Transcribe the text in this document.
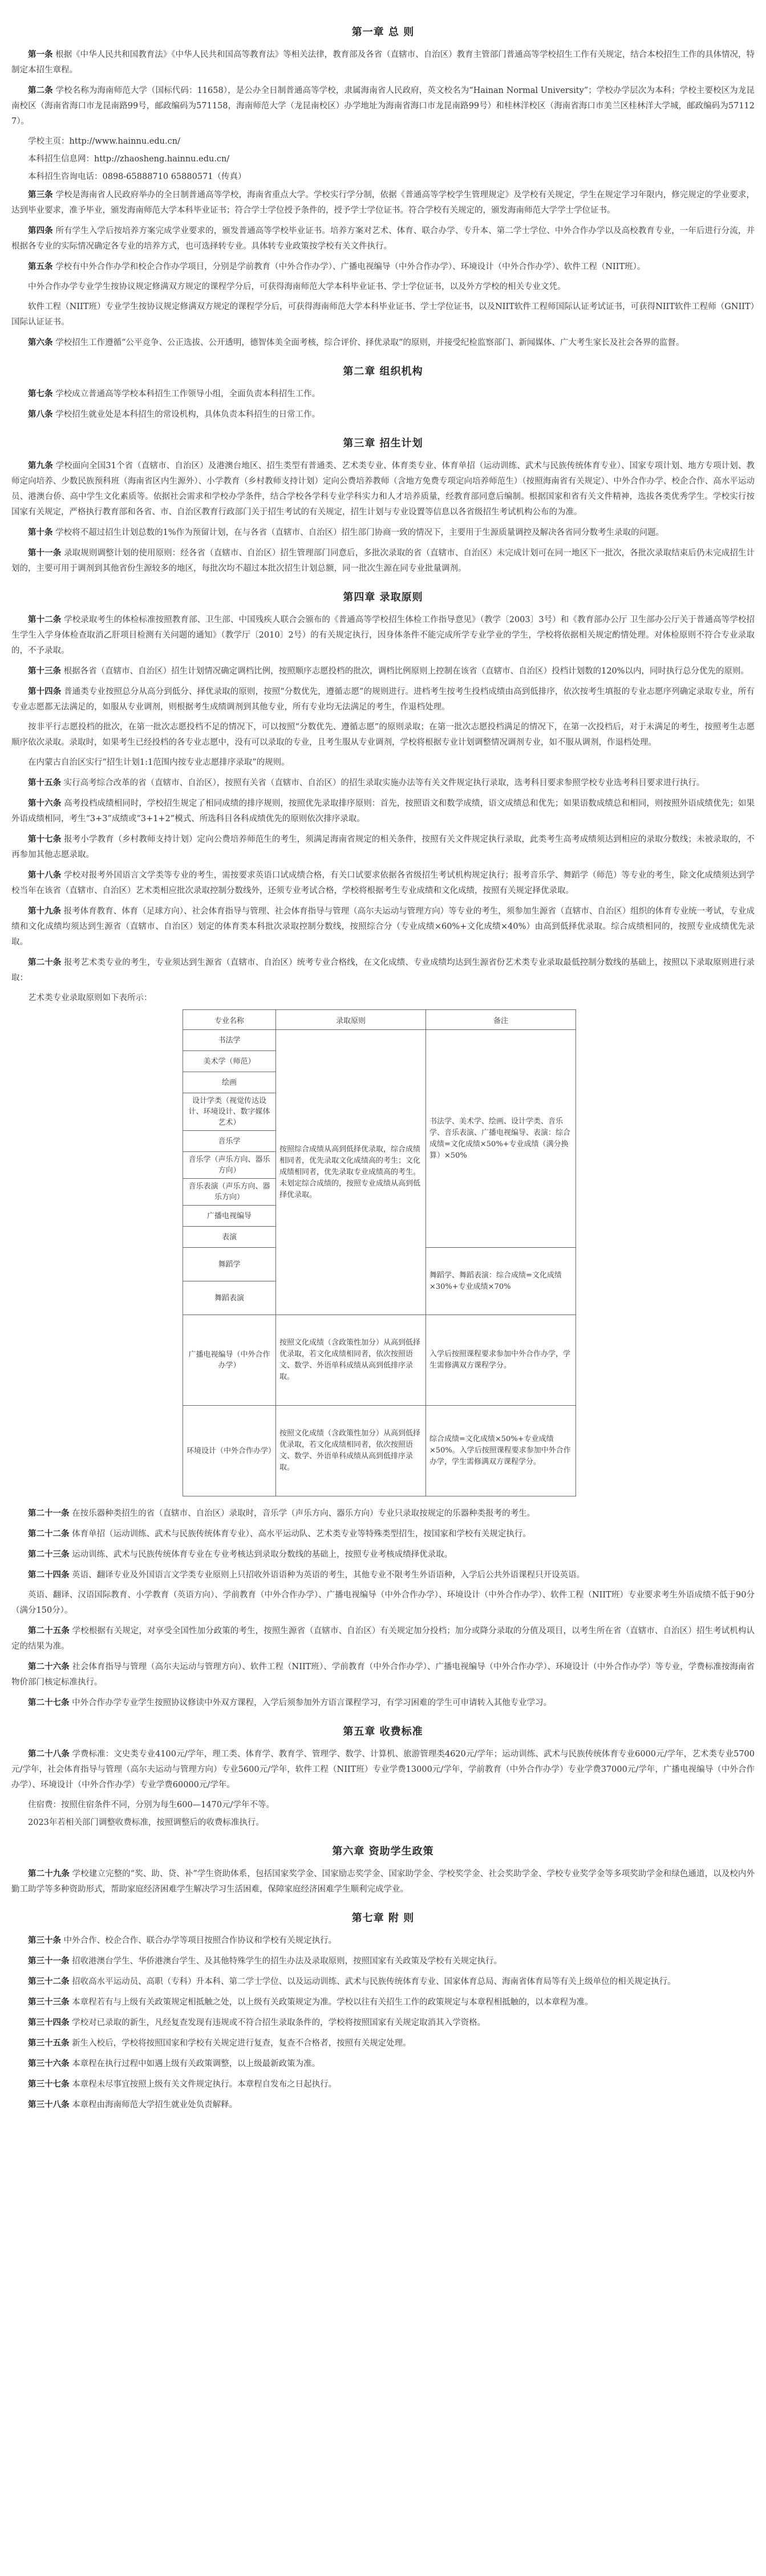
第一章 总 则

第一条 根据《中华人民共和国教育法》《中华人民共和国高等教育法》等相关法律，教育部及各省（直辖市、自治区）教育主管部门普通高等学校招生工作有关规定，结合本校招生工作的具体情况，特制定本招生章程。

第二条 学校名称为海南师范大学（国标代码：11658），是公办全日制普通高等学校，隶属海南省人民政府，英文校名为“Hainan Normal University”；学校办学层次为本科；学校主要校区为龙昆南校区（海南省海口市龙昆南路99号，邮政编码为571158，海南师范大学（龙昆南校区）办学地址为海南省海口市龙昆南路99号）和桂林洋校区（海南省海口市美兰区桂林洋大学城，邮政编码为571127）。

学校主页：http://www.hainnu.edu.cn/

本科招生信息网：http://zhaosheng.hainnu.edu.cn/

本科招生咨询电话：0898-65888710 65880571（传真）

第三条 学校是海南省人民政府举办的全日制普通高等学校，海南省重点大学。学校实行学分制，依据《普通高等学校学生管理规定》及学校有关规定，学生在规定学习年限内，修完规定的学业要求，达到毕业要求，准予毕业，颁发海南师范大学本科毕业证书；符合学士学位授予条件的，授予学士学位证书。符合学校有关规定的，颁发海南师范大学学士学位证书。

第四条 所有学生入学后按培养方案完成学业要求的，颁发普通高等学校毕业证书。培养方案对艺术、体育、联合办学、专升本、第二学士学位、中外合作办学以及高校教育专业，一年后进行分流，并根据各专业的实际情况确定各专业的培养方式，也可选择转专业。具体转专业政策按学校有关文件执行。

第五条 学校有中外合作办学和校企合作办学项目，分别是学前教育（中外合作办学）、广播电视编导（中外合作办学）、环境设计（中外合作办学）、软件工程（NIIT班）。

中外合作办学专业学生按协议规定修满双方规定的课程学分后，可获得海南师范大学本科毕业证书、学士学位证书，以及外方学校的相关专业文凭。

软件工程（NIIT班）专业学生按协议规定修满双方规定的课程学分后，可获得海南师范大学本科毕业证书、学士学位证书，以及NIIT软件工程师国际认证考试证书，可获得NIIT软件工程师（GNIIT）国际认证证书。

第六条 学校招生工作遵循“公平竞争、公正选拔、公开透明，德智体美全面考核，综合评价、择优录取”的原则，并接受纪检监察部门、新闻媒体、广大考生家长及社会各界的监督。

第二章 组织机构

第七条 学校成立普通高等学校本科招生工作领导小组，全面负责本科招生工作。

第八条 学校招生就业处是本科招生的常设机构，具体负责本科招生的日常工作。

第三章 招生计划

第九条 学校面向全国31个省（直辖市、自治区）及港澳台地区、招生类型有普通类、艺术类专业、体育类专业、体育单招（运动训练、武术与民族传统体育专业）、国家专项计划、地方专项计划、教师定向培养、少数民族预科班（海南省区内生源外）、小学教育（乡村教师支持计划）定向公费培养教师（含地方免费专项定向培养师范生）（按照海南省有关规定）、中外合作办学、校企合作、高水平运动员、港澳台侨、高中学生文化素质等。依据社会需求和学校办学条件，结合学校各学科专业学科实力和人才培养质量，经教育部同意后编制。根据国家和省有关文件精神，选拔各类优秀学生。学校实行按国家有关规定，严格执行教育部和各省、市、自治区教育行政部门关于招生考试的有关规定，招生计划与专业设置等信息以各省级招生考试机构公布的为准。

第十条 学校将不超过招生计划总数的1%作为预留计划，在与各省（直辖市、自治区）招生部门协商一致的情况下，主要用于生源质量调控及解决各省同分数考生录取的问题。

第十一条 录取规则调整计划的使用原则：经各省（直辖市、自治区）招生管理部门同意后，多批次录取的省（直辖市、自治区）未完成计划可在同一地区下一批次，各批次录取结束后仍未完成招生计划的，主要可用于调剂到其他省份生源较多的地区，每批次均不超过本批次招生计划总额，同一批次生源在同专业批量调剂。

第四章 录取原则

第十二条 学校录取考生的体检标准按照教育部、卫生部、中国残疾人联合会颁布的《普通高等学校招生体检工作指导意见》（教学〔2003〕3号）和《教育部办公厅 卫生部办公厅关于普通高等学校招生学生入学身体检查取消乙肝项目检测有关问题的通知》（教学厅〔2010〕2号）的有关规定执行，因身体条件不能完成所学专业学业的学生，学校将依据相关规定酌情处理。对体检原则不符合专业录取的，不予录取。

第十三条 根据各省（直辖市、自治区）招生计划情况确定调档比例，按照顺序志愿投档的批次，调档比例原则上控制在该省（直辖市、自治区）投档计划数的120%以内，同时执行总分优先的原则。

第十四条 普通类专业按照总分从高分到低分、择优录取的原则，按照“分数优先，遵循志愿”的规则进行。进档考生按考生投档成绩由高到低排序，依次按考生填报的专业志愿序列确定录取专业，所有专业志愿都无法满足的，如服从专业调剂，则根据考生成绩调剂到其他专业，所有专业均无法满足的考生，作退档处理。

按非平行志愿投档的批次，在第一批次志愿投档不足的情况下，可以按照“分数优先、遵循志愿”的原则录取；在第一批次志愿投档满足的情况下，在第一次投档后，对于未满足的考生，按照考生志愿顺序依次录取。录取时，如果考生已经投档的各专业志愿中，没有可以录取的专业，且考生服从专业调剂，学校将根据专业计划调整情况调剂专业，如不服从调剂，作退档处理。

在内蒙古自治区实行“招生计划1:1范围内按专业志愿排序录取”的规则。

第十五条 实行高考综合改革的省（直辖市、自治区），按照有关省（直辖市、自治区）的招生录取实施办法等有关文件规定执行录取，选考科目要求参照学校专业选考科目要求进行执行。

第十六条 高考投档成绩相同时，学校招生规定了相同成绩的排序规则，按照优先录取排序原则：首先，按照语文和数学成绩，语文成绩总和优先；如果语数成绩总和相同，则按照外语成绩优先；如果外语成绩相同，考生“3+3”成绩或“3+1+2”模式、所选科目各科成绩优先的原则依次排序录取。

第十七条 报考小学教育（乡村教师支持计划）定向公费培养师范生的考生，须满足海南省规定的相关条件，按照有关文件规定执行录取，此类考生高考成绩须达到相应的录取分数线；未被录取的，不再参加其他志愿录取。

第十八条 学校对报考外国语言文学类等专业的考生，需按要求英语口试成绩合格，有关口试要求依据各省级招生考试机构规定执行；报考音乐学、舞蹈学（师范）等专业的考生，除文化成绩须达到学校当年在该省（直辖市、自治区）艺术类相应批次录取控制分数线外，还须专业考试合格，学校将根据考生专业成绩和文化成绩，按照有关规定择优录取。

第十九条 报考体育教育、体育（足球方向）、社会体育指导与管理、社会体育指导与管理（高尔夫运动与管理方向）等专业的考生，须参加生源省（直辖市、自治区）组织的体育专业统一考试，专业成绩和文化成绩均须达到生源省（直辖市、自治区）划定的体育类本科批次录取控制分数线，按照综合分（专业成绩×60%+文化成绩×40%）由高到低择优录取。综合成绩相同的，按照专业成绩优先录取。

第二十条 报考艺术类专业的考生，专业须达到生源省（直辖市、自治区）统考专业合格线，在文化成绩、专业成绩均达到生源省份艺术类专业录取最低控制分数线的基础上，按照以下录取原则进行录取：

艺术类专业录取原则如下表所示：

专业名称	录取原则	备注
书法学	按照综合成绩从高到低择优录取，综合成绩相同者，优先录取文化成绩高的考生；文化成绩相同者，优先录取专业成绩高的考生。未划定综合成绩的，按照专业成绩从高到低择优录取。	书法学、美术学、绘画、设计学类、音乐学、音乐表演、广播电视编导、表演：综合成绩=文化成绩×50%+专业成绩（满分换算）×50%
美术学（师范）		
绘画		
设计学类（视觉传达设计、环境设计、数字媒体艺术）		
音乐学		
音乐学（声乐方向、器乐方向）		
音乐表演（声乐方向、器乐方向）		
广播电视编导		
表演		
舞蹈学		舞蹈学、舞蹈表演：综合成绩=文化成绩×30%+专业成绩×70%
舞蹈表演		
广播电视编导（中外合作办学）	按照文化成绩（含政策性加分）从高到低择优录取，若文化成绩相同者，依次按照语文、数学、外语单科成绩从高到低排序录取。	入学后按照课程要求参加中外合作办学，学生需修满双方课程学分。
环境设计（中外合作办学）	按照文化成绩（含政策性加分）从高到低择优录取，若文化成绩相同者，依次按照语文、数学、外语单科成绩从高到低排序录取。	综合成绩=文化成绩×50%+专业成绩×50%。入学后按照课程要求参加中外合作办学，学生需修满双方课程学分。

第二十一条 在按乐器种类招生的省（直辖市、自治区）录取时，音乐学（声乐方向、器乐方向）专业只录取按规定的乐器种类报考的考生。

第二十二条 体育单招（运动训练、武术与民族传统体育专业）、高水平运动队、艺术类专业等特殊类型招生，按国家和学校有关规定执行。

第二十三条 运动训练、武术与民族传统体育专业在专业考核达到录取分数线的基础上，按照专业考核成绩择优录取。

第二十四条 英语、翻译专业及外国语言文学类专业原则上只招收外语语种为英语的考生，其他专业不限考生外语语种，入学后公共外语课程只开设英语。

英语、翻译、汉语国际教育、小学教育（英语方向）、学前教育（中外合作办学）、广播电视编导（中外合作办学）、环境设计（中外合作办学）、软件工程（NIIT班）专业要求考生外语成绩不低于90分（满分150分）。

第二十五条 学校根据有关规定，对享受全国性加分政策的考生，按照生源省（直辖市、自治区）有关规定加分投档；加分或降分录取的分值及项目，以考生所在省（直辖市、自治区）招生考试机构认定的结果为准。

第二十六条 社会体育指导与管理（高尔夫运动与管理方向）、软件工程（NIIT班）、学前教育（中外合作办学）、广播电视编导（中外合作办学）、环境设计（中外合作办学）等专业，学费标准按海南省物价部门核定标准执行。

第二十七条 中外合作办学专业学生按照协议修读中外双方课程，入学后须参加外方语言课程学习，有学习困难的学生可申请转入其他专业学习。

第五章 收费标准

第二十八条 学费标准：文史类专业4100元/学年，理工类、体育学、教育学、管理学、数学、计算机、旅游管理类4620元/学年；运动训练、武术与民族传统体育专业6000元/学年，艺术类专业5700元/学年，社会体育指导与管理（高尔夫运动与管理方向）专业5600元/学年，软件工程（NIIT班）专业学费13000元/学年，学前教育（中外合作办学）专业学费37000元/学年，广播电视编导（中外合作办学）、环境设计（中外合作办学）专业学费60000元/学年。

住宿费：按照住宿条件不同，分别为每生600—1470元/学年不等。

2023年若相关部门调整收费标准，按照调整后的收费标准执行。

第六章 资助学生政策

第二十九条 学校建立完整的“奖、助、贷、补”学生资助体系，包括国家奖学金、国家励志奖学金、国家助学金、学校奖学金、社会奖助学金、学校专业奖学金等多项奖助学金和绿色通道，以及校内外勤工助学等多种资助形式，帮助家庭经济困难学生解决学习生活困难，保障家庭经济困难学生顺利完成学业。

第七章 附 则

第三十条 中外合作、校企合作、联合办学等项目按照合作协议和学校有关规定执行。

第三十一条 招收港澳台学生、华侨港澳台学生、及其他特殊学生的招生办法及录取原则，按照国家有关政策及学校有关规定执行。

第三十二条 招收高水平运动员、高职（专科）升本科、第二学士学位、以及运动训练、武术与民族传统体育专业、国家体育总局、海南省体育局等有关上级单位的相关规定执行。

第三十三条 本章程若有与上级有关政策规定相抵触之处，以上级有关政策规定为准。学校以往有关招生工作的政策规定与本章程相抵触的，以本章程为准。

第三十四条 学校对已录取的新生，凡经复查发现有违规或不符合招生录取条件的，学校将按照国家有关规定取消其入学资格。

第三十五条 新生入校后，学校将按照国家和学校有关规定进行复查，复查不合格者，按照有关规定处理。

第三十六条 本章程在执行过程中如遇上级有关政策调整，以上级最新政策为准。

第三十七条 本章程未尽事宜按照上级有关文件规定执行。本章程自发布之日起执行。

第三十八条 本章程由海南师范大学招生就业处负责解释。
